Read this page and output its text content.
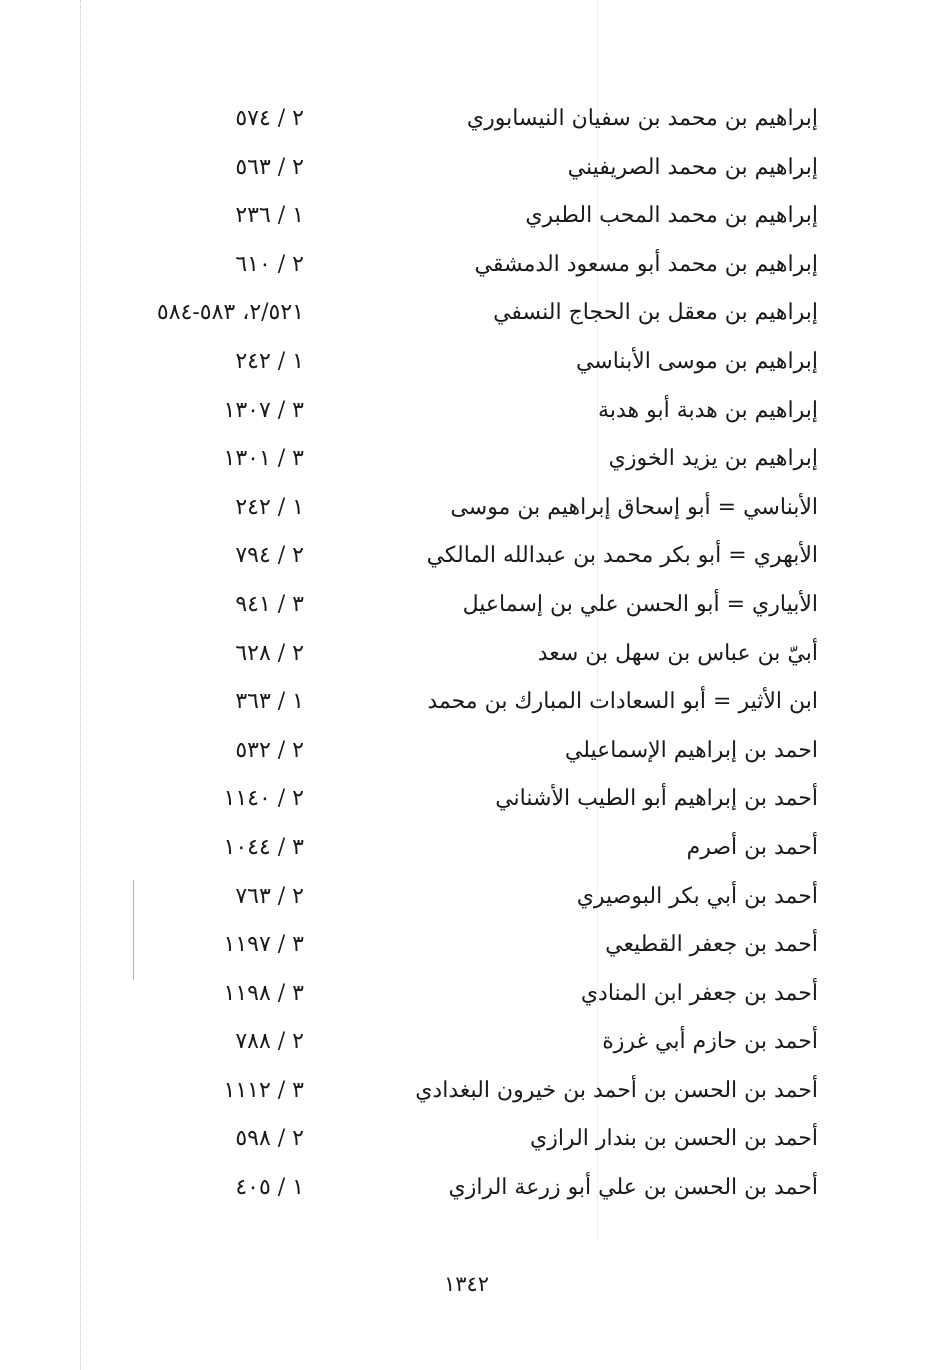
إبراهيم بن محمد بن سفيان النيسابوري
٢ / ٥٧٤
إبراهيم بن محمد الصريفيني
٢ / ٥٦٣
إبراهيم بن محمد المحب الطبري
١ / ٢٣٦
إبراهيم بن محمد أبو مسعود الدمشقي
٢ / ٦١٠
إبراهيم بن معقل بن الحجاج النسفي
٢/٥٢١، ٥٨٣-٥٨٤
إبراهيم بن موسى الأبناسي
١ / ٢٤٢
إبراهيم بن هدبة أبو هدبة
٣ / ١٣٠٧
إبراهيم بن يزيد الخوزي
٣ / ١٣٠١
الأبناسي = أبو إسحاق إبراهيم بن موسى
١ / ٢٤٢
الأبهري = أبو بكر محمد بن عبدالله المالكي
٢ / ٧٩٤
الأبياري = أبو الحسن علي بن إسماعيل
٣ / ٩٤١
أبيّ بن عباس بن سهل بن سعد
٢ / ٦٢٨
ابن الأثير = أبو السعادات المبارك بن محمد
١ / ٣٦٣
احمد بن إبراهيم الإسماعيلي
٢ / ٥٣٢
أحمد بن إبراهيم أبو الطيب الأشناني
٢ / ١١٤٠
أحمد بن أصرم
٣ / ١٠٤٤
أحمد بن أبي بكر البوصيري
٢ / ٧٦٣
أحمد بن جعفر القطيعي
٣ / ١١٩٧
أحمد بن جعفر ابن المنادي
٣ / ١١٩٨
أحمد بن حازم أبي غرزة
٢ / ٧٨٨
أحمد بن الحسن بن أحمد بن خيرون البغدادي
٣ / ١١١٢
أحمد بن الحسن بن بندار الرازي
٢ / ٥٩٨
أحمد بن الحسن بن علي أبو زرعة الرازي
١ / ٤٠٥
١٣٤٢
